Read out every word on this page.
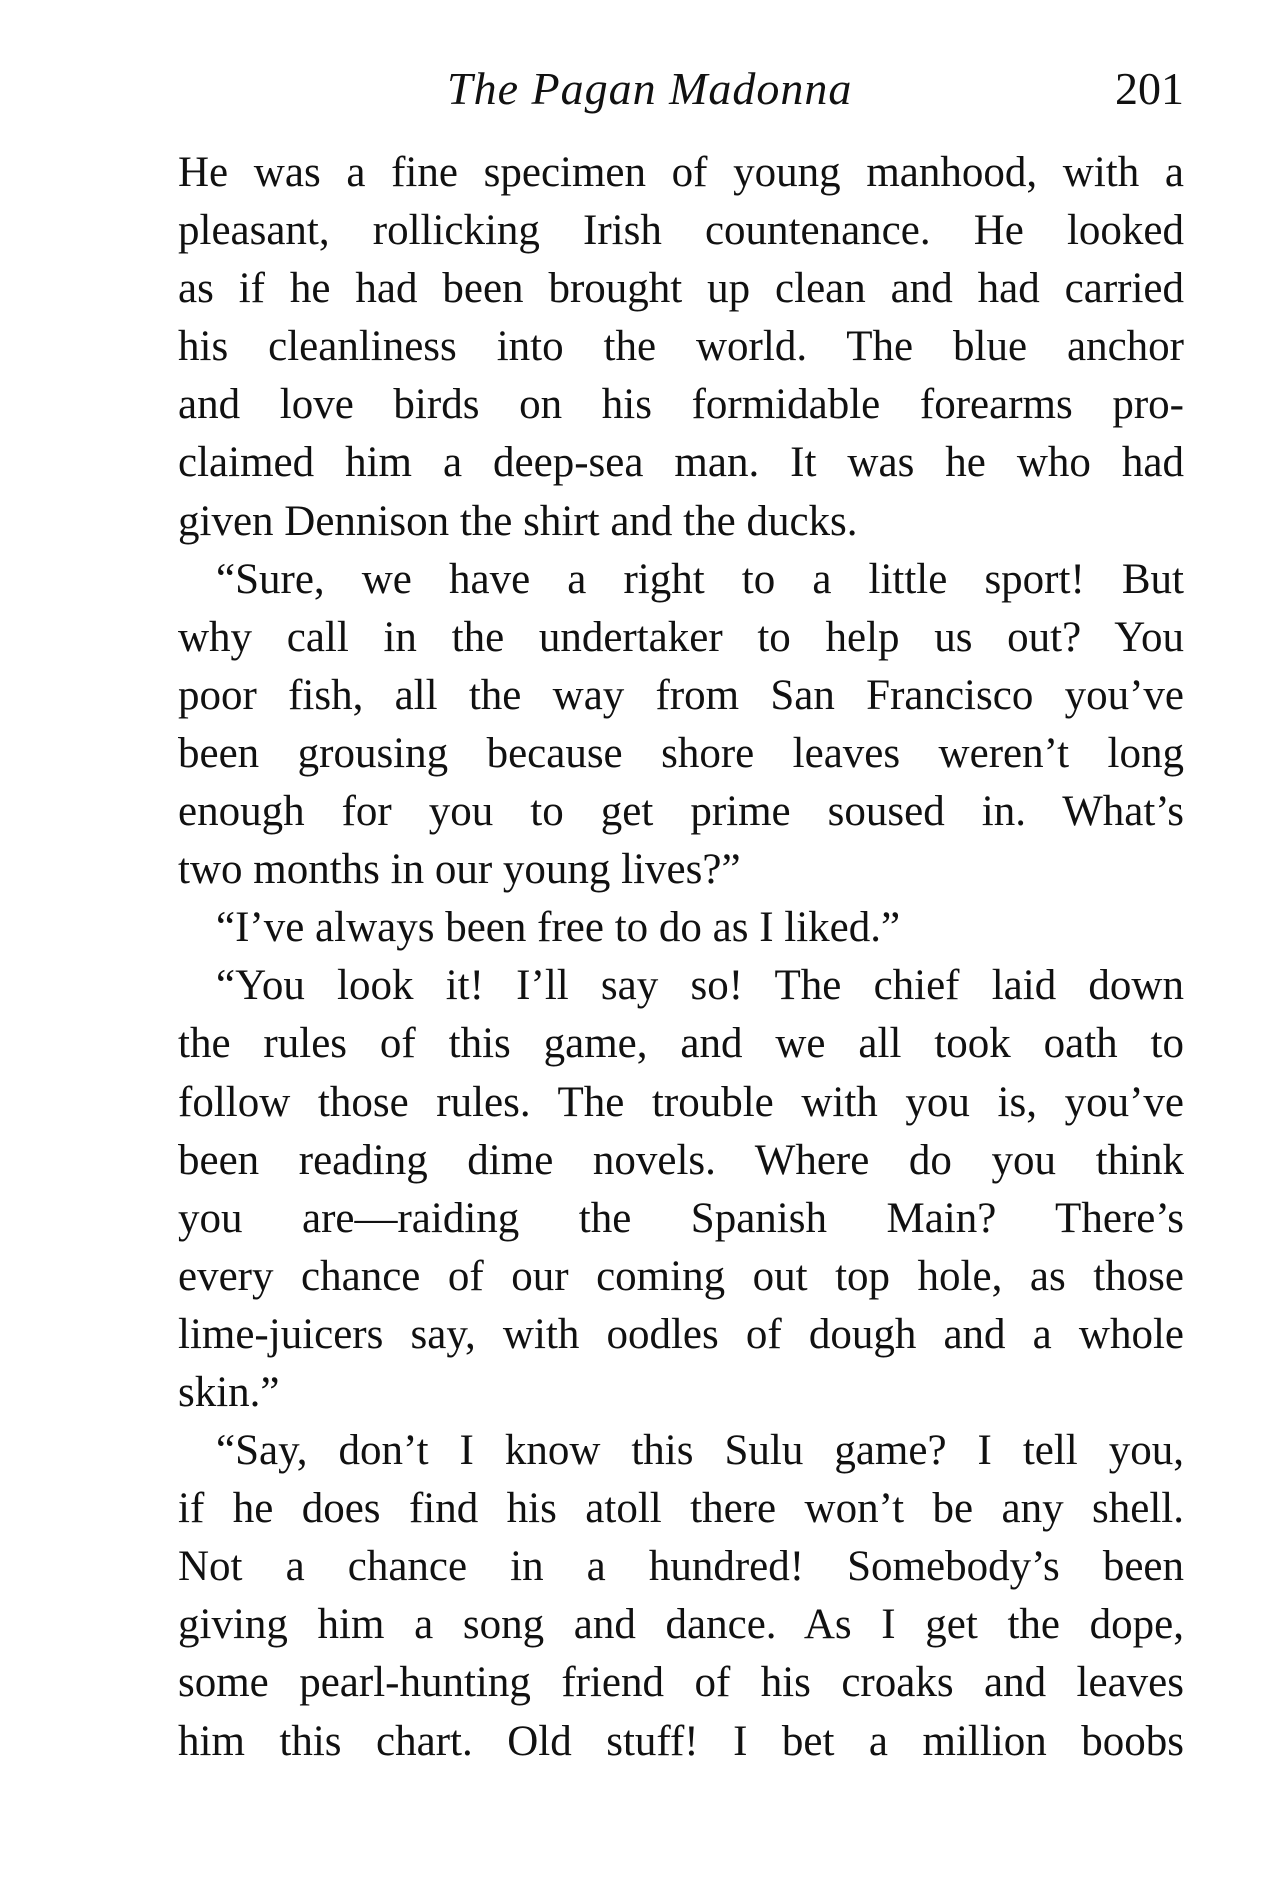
The Pagan Madonna	201
He was a fine specimen of young manhood, with a
pleasant, rollicking Irish countenance. He looked
as if he had been brought up clean and had carried
his cleanliness into the world. The blue anchor
and love birds on his formidable forearms pro-
claimed him a deep-sea man. It was he who had
given Dennison the shirt and the ducks.
“Sure, we have a right to a little sport! But
why call in the undertaker to help us out? You
poor fish, all the way from San Francisco you’ve
been grousing because shore leaves weren’t long
enough for you to get prime soused in. What’s
two months in our young lives?”
“I’ve always been free to do as I liked.”
“You look it! I’ll say so! The chief laid down
the rules of this game, and we all took oath to
follow those rules. The trouble with you is, you’ve
been reading dime novels. Where do you think
you are—raiding the Spanish Main? There’s
every chance of our coming out top hole, as those
lime-juicers say, with oodles of dough and a whole
skin.”
“Say, don’t I know this Sulu game? I tell you,
if he does find his atoll there won’t be any shell.
Not a chance in a hundred! Somebody’s been
giving him a song and dance. As I get the dope,
some pearl-hunting friend of his croaks and leaves
him this chart. Old stuff! I bet a million boobs
